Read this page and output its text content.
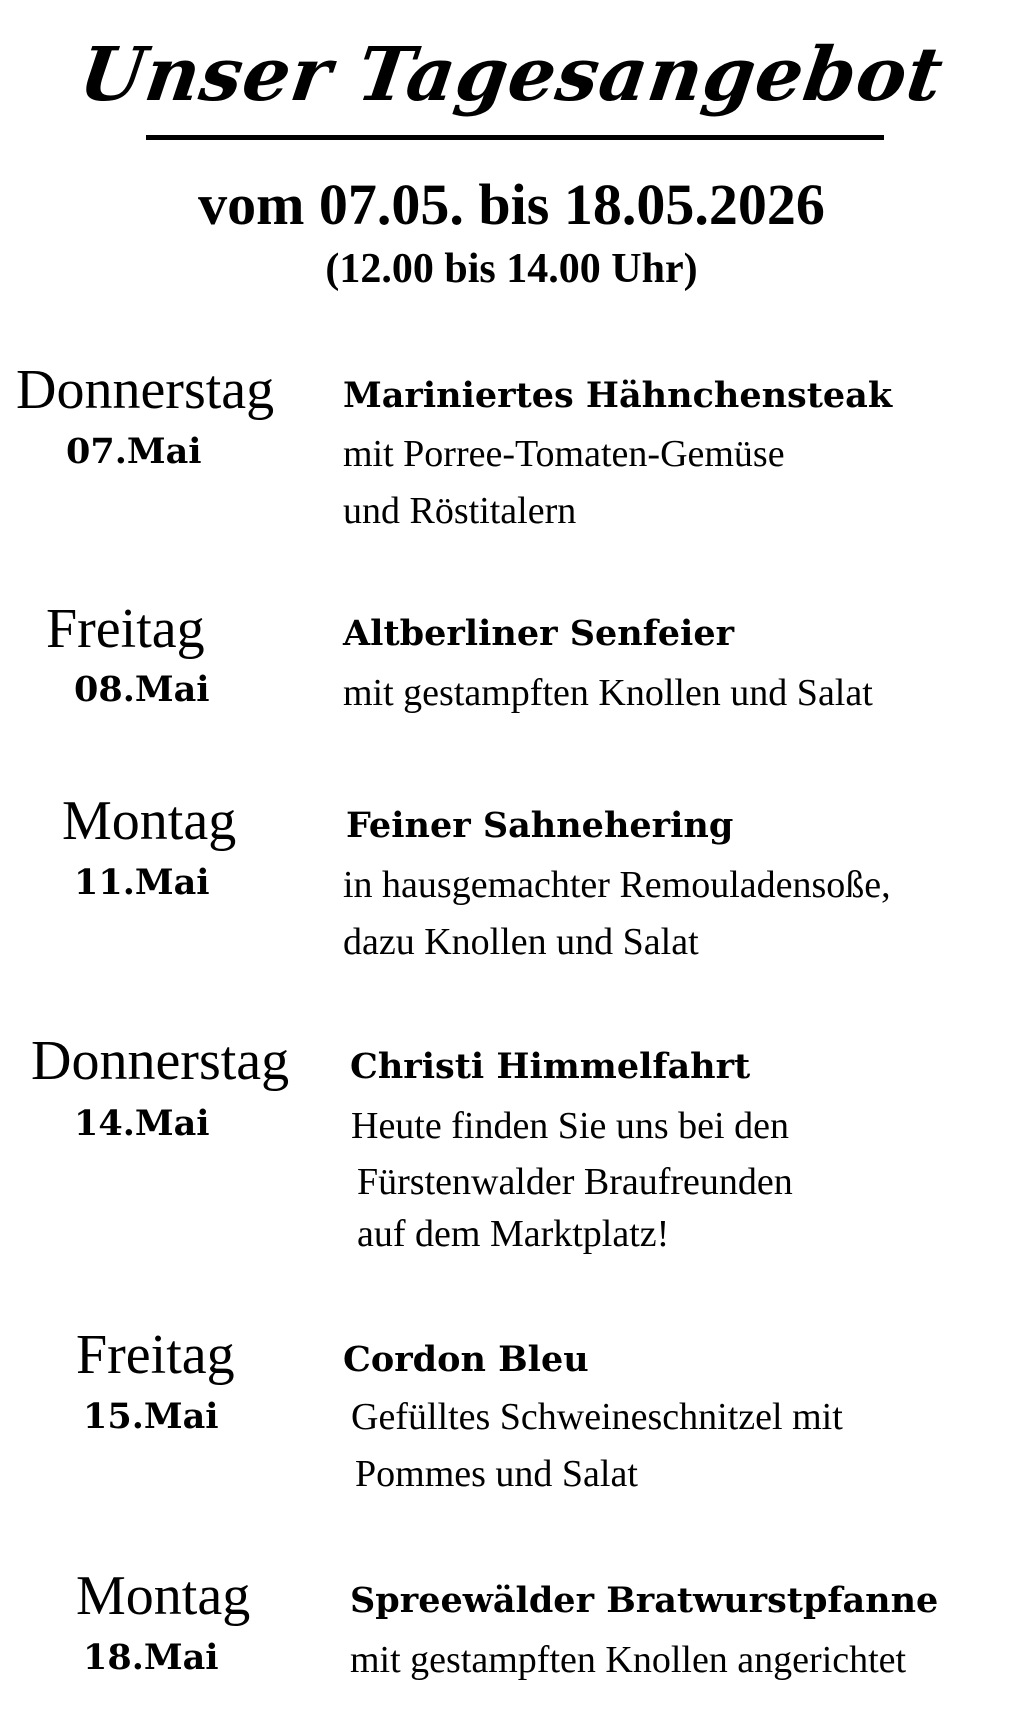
Unser Tagesangebot
vom 07.05. bis 18.05.2026
(12.00 bis 14.00 Uhr)
Donnerstag
07.Mai
Mariniertes Hähnchensteak
mit Porree-Tomaten-Gemüse
und Röstitalern
Freitag
08.Mai
Altberliner Senfeier
mit gestampften Knollen und Salat
Montag
11.Mai
Feiner Sahnehering
in hausgemachter Remouladensoße,
dazu Knollen und Salat
Donnerstag
14.Mai
Christi Himmelfahrt
Heute finden Sie uns bei den
Fürstenwalder Braufreunden
auf dem Marktplatz!
Freitag
15.Mai
Cordon Bleu
Gefülltes Schweineschnitzel mit
Pommes und Salat
Montag
18.Mai
Spreewälder Bratwurstpfanne
mit gestampften Knollen angerichtet
